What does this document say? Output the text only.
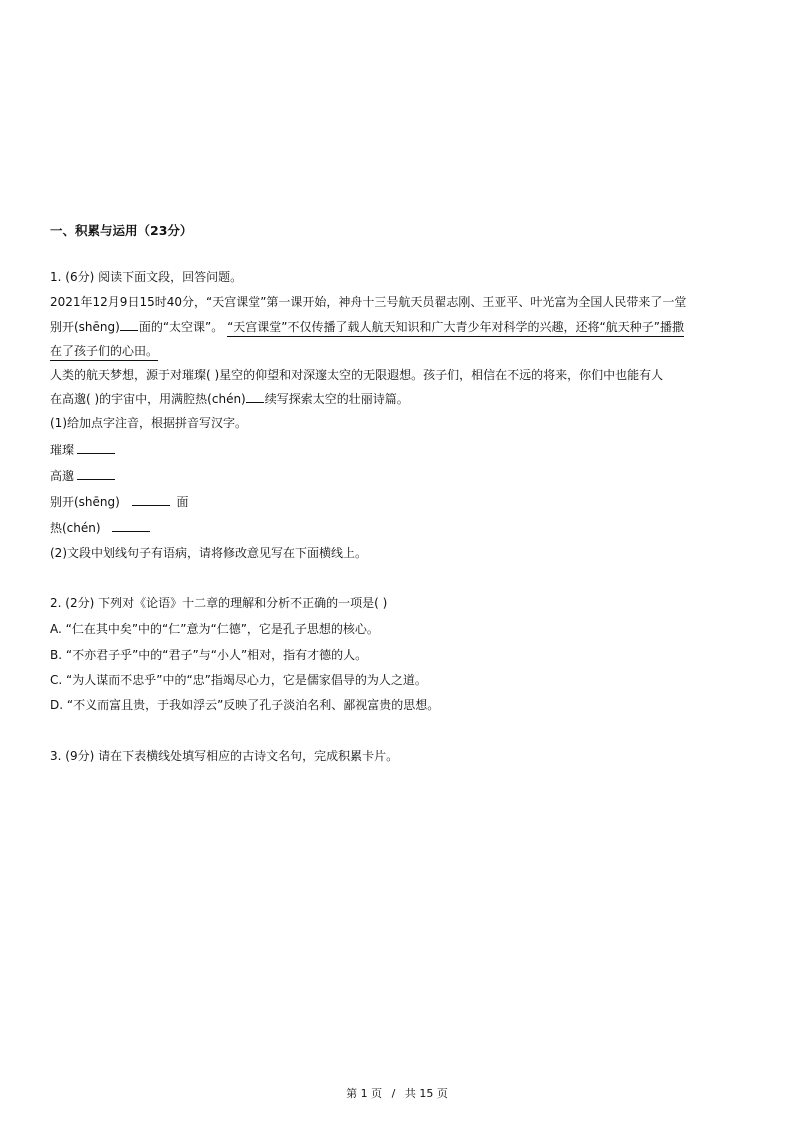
一、积累与运用（23分）
1. (6分) 阅读下面文段，回答问题。
2021年12月9日15时40分，“天宫课堂”第一课开始，神舟十三号航天员翟志刚、王亚平、叶光富为全国人民带来了一堂
别开(shēng) 面的“太空课”。 “天宫课堂”不仅传播了载人航天知识和广大青少年对科学的兴趣，还将“航天种子”播撒
在了孩子们的心田。
人类的航天梦想，源于对璀璨( )星空的仰望和对深邃太空的无限遐想。孩子们，相信在不远的将来，你们中也能有人
在高邈( )的宇宙中，用满腔热(chén) 续写探索太空的壮丽诗篇。
(1)给加点字注音，根据拼音写汉字。
璀璨
高邈
别开(shēng)	面
热(chén)
(2)文段中划线句子有语病，请将修改意见写在下面横线上。
2. (2分) 下列对《论语》十二章的理解和分析不正确的一项是( )
A. “仁在其中矣”中的“仁”意为“仁德”，它是孔子思想的核心。
B. “不亦君子乎”中的“君子”与“小人”相对，指有才德的人。
C. “为人谋而不忠乎”中的“忠”指竭尽心力，它是儒家倡导的为人之道。
D. “不义而富且贵，于我如浮云”反映了孔子淡泊名利、鄙视富贵的思想。
3. (9分) 请在下表横线处填写相应的古诗文名句，完成积累卡片。
第 1 页 / 共 15 页
